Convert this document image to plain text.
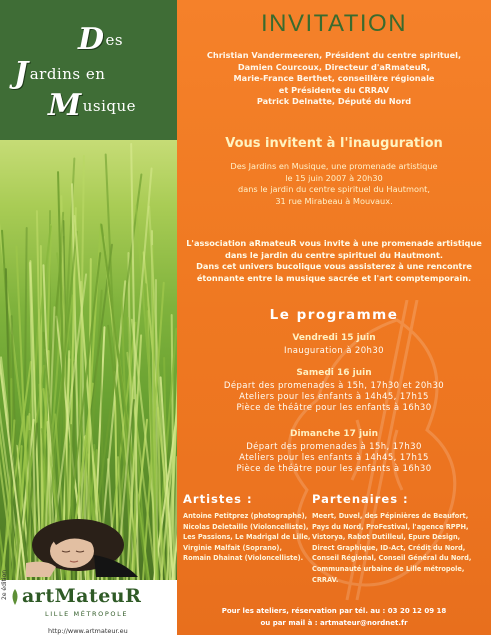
Des
Jardins en
Musique
artMateuR
LILLE MÉTROPOLE
http://www.artmateur.eu
2e édition
INVITATION
Christian Vandermeeren, Président du centre spirituel,
Damien Courcoux, Directeur d'aRmateuR,
Marie-France Berthet, conseillère régionale
et Présidente du CRRAV
Patrick Delnatte, Député du Nord
Vous invitent à l'inauguration
Des Jardins en Musique, une promenade artistique
le 15 juin 2007 à 20h30
dans le jardin du centre spirituel du Hautmont,
31 rue Mirabeau à Mouvaux.
L'association aRmateuR vous invite à une promenade artistique
dans le jardin du centre spirituel du Hautmont.
Dans cet univers bucolique vous assisterez à une rencontre
étonnante entre la musique sacrée et l'art comptemporain.
Le programme
Vendredi 15 juin
Inauguration à 20h30
Samedi 16 juin
Départ des promenades à 15h, 17h30 et 20h30
Ateliers pour les enfants à 14h45, 17h15
Pièce de théâtre pour les enfants à 16h30
Dimanche 17 juin
Départ des promenades à 15h, 17h30
Ateliers pour les enfants à 14h45, 17h15
Pièce de théâtre pour les enfants à 16h30
Artistes :
Antoine Petitprez (photographe),
Nicolas Deletaille (Violoncelliste),
Les Passions, Le Madrigal de Lille,
Virginie Malfait (Soprano),
Romain Dhainat (Violoncelliste).
Partenaires :
Meert, Duvel, des Pépinières de Beaufort,
Pays du Nord, ProFestival, l'agence RPPH,
Vistorya, Rabot Dutilleul, Epure Design,
Direct Graphique, ID-Act, Crédit du Nord,
Conseil Régional, Conseil Général du Nord,
Communauté urbaine de Lille métropole,
CRRAV.
Pour les ateliers, réservation par tél. au : 03 20 12 09 18
ou par mail à : artmateur@nordnet.fr
